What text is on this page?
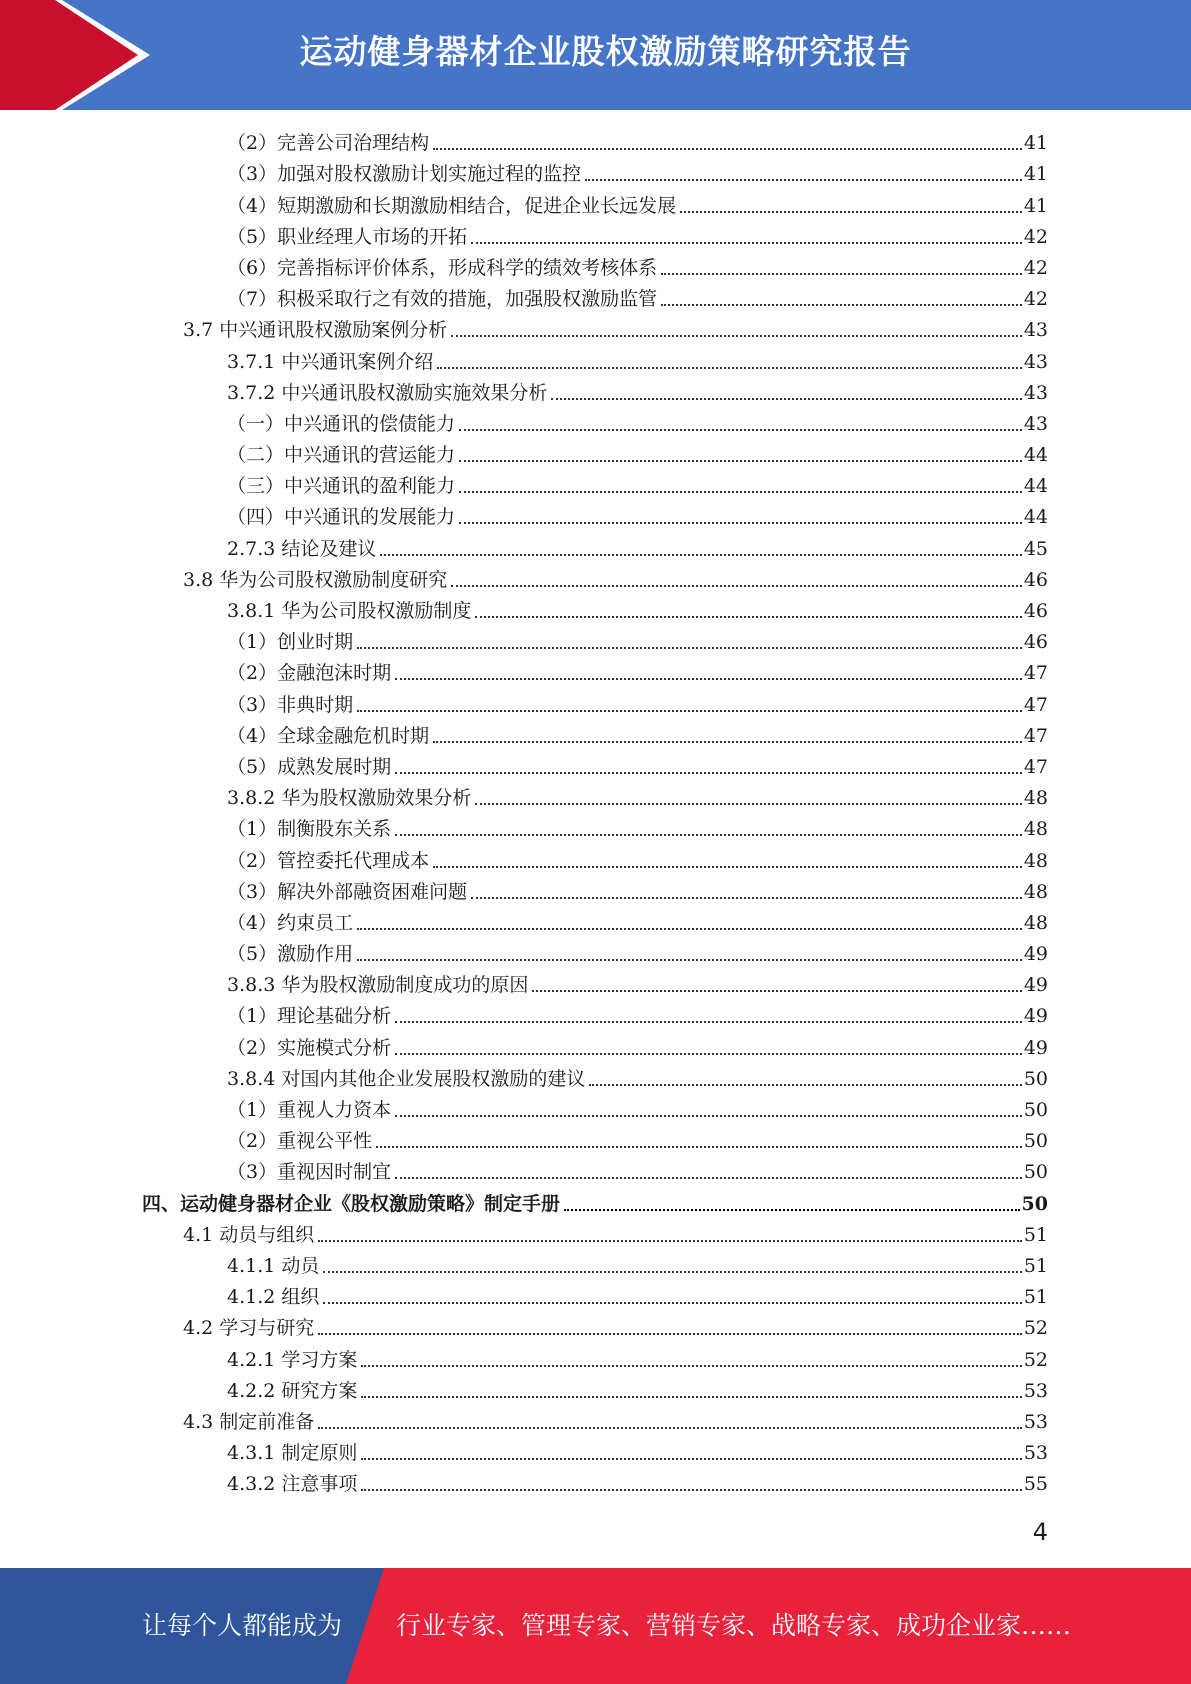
运动健身器材企业股权激励策略研究报告
（2）完善公司治理结构	41
（3）加强对股权激励计划实施过程的监控	41
（4）短期激励和长期激励相结合，促进企业长远发展	41
（5）职业经理人市场的开拓	42
（6）完善指标评价体系，形成科学的绩效考核体系	42
（7）积极采取行之有效的措施，加强股权激励监管	42
3.7 中兴通讯股权激励案例分析	43
3.7.1 中兴通讯案例介绍	43
3.7.2 中兴通讯股权激励实施效果分析	43
（一）中兴通讯的偿债能力	43
（二）中兴通讯的营运能力	44
（三）中兴通讯的盈利能力	44
（四）中兴通讯的发展能力	44
2.7.3 结论及建议	45
3.8 华为公司股权激励制度研究	46
3.8.1 华为公司股权激励制度	46
（1）创业时期	46
（2）金融泡沫时期	47
（3）非典时期	47
（4）全球金融危机时期	47
（5）成熟发展时期	47
3.8.2 华为股权激励效果分析	48
（1）制衡股东关系	48
（2）管控委托代理成本	48
（3）解决外部融资困难问题	48
（4）约束员工	48
（5）激励作用	49
3.8.3 华为股权激励制度成功的原因	49
（1）理论基础分析	49
（2）实施模式分析	49
3.8.4 对国内其他企业发展股权激励的建议	50
（1）重视人力资本	50
（2）重视公平性	50
（3）重视因时制宜	50
四、运动健身器材企业《股权激励策略》制定手册	50
4.1 动员与组织	51
4.1.1 动员	51
4.1.2 组织	51
4.2 学习与研究	52
4.2.1 学习方案	52
4.2.2 研究方案	53
4.3 制定前准备	53
4.3.1 制定原则	53
4.3.2 注意事项	55
4
让每个人都能成为 行业专家、管理专家、营销专家、战略专家、成功企业家……
